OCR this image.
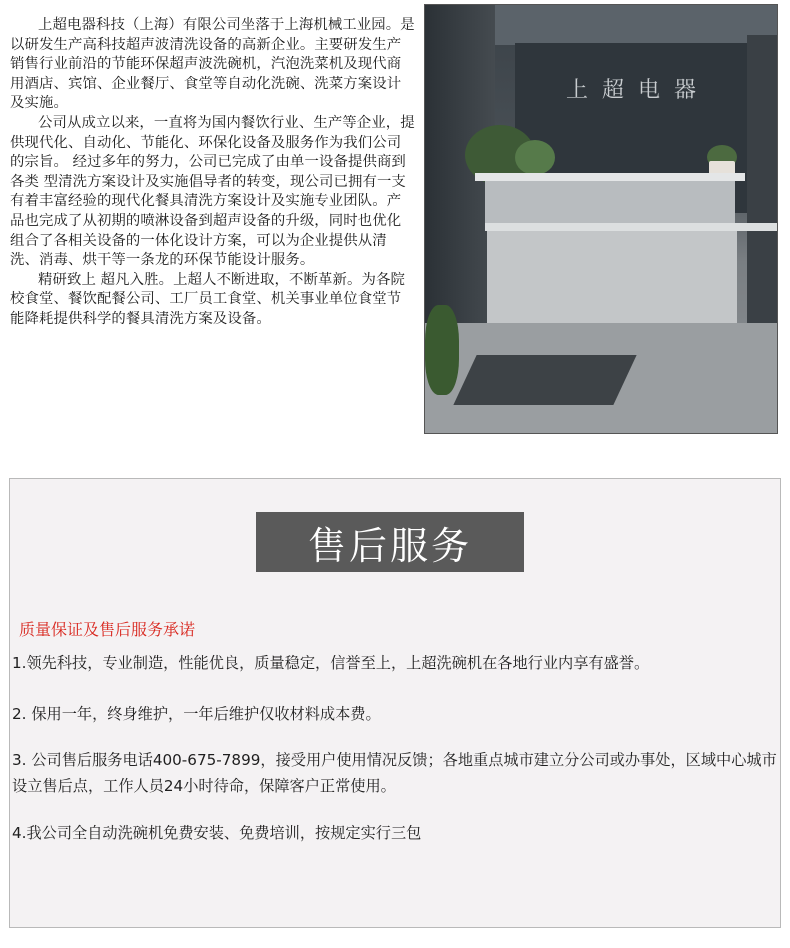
上超电器科技（上海）有限公司坐落于上海机械工业园。是以研发生产高科技超声波清洗设备的高新企业。主要研发生产销售行业前沿的节能环保超声波洗碗机，汽泡洗菜机及现代商用酒店、宾馆、企业餐厅、食堂等自动化洗碗、洗菜方案设计及实施。

公司从成立以来，一直将为国内餐饮行业、生产等企业，提供现代化、自动化、节能化、环保化设备及服务作为我们公司的宗旨。 经过多年的努力，公司已完成了由单一设备提供商到各类 型清洗方案设计及实施倡导者的转变，现公司已拥有一支有着丰富经验的现代化餐具清洗方案设计及实施专业团队。产品也完成了从初期的喷淋设备到超声设备的升级，同时也优化组合了各相关设备的一体化设计方案，可以为企业提供从清洗、消毒、烘干等一条龙的环保节能设计服务。

精研致上 超凡入胜。上超人不断进取，不断革新。为各院校食堂、餐饮配餐公司、工厂员工食堂、机关事业单位食堂节能降耗提供科学的餐具清洗方案及设备。

上超电器
售后服务
质量保证及售后服务承诺
1.领先科技，专业制造，性能优良，质量稳定，信誉至上，上超洗碗机在各地行业内享有盛誉。
2. 保用一年，终身维护，一年后维护仅收材料成本费。
3. 公司售后服务电话400-675-7899，接受用户使用情况反馈；各地重点城市建立分公司或办事处，区域中心城市设立售后点，工作人员24小时待命，保障客户正常使用。
4.我公司全自动洗碗机免费安装、免费培训，按规定实行三包
